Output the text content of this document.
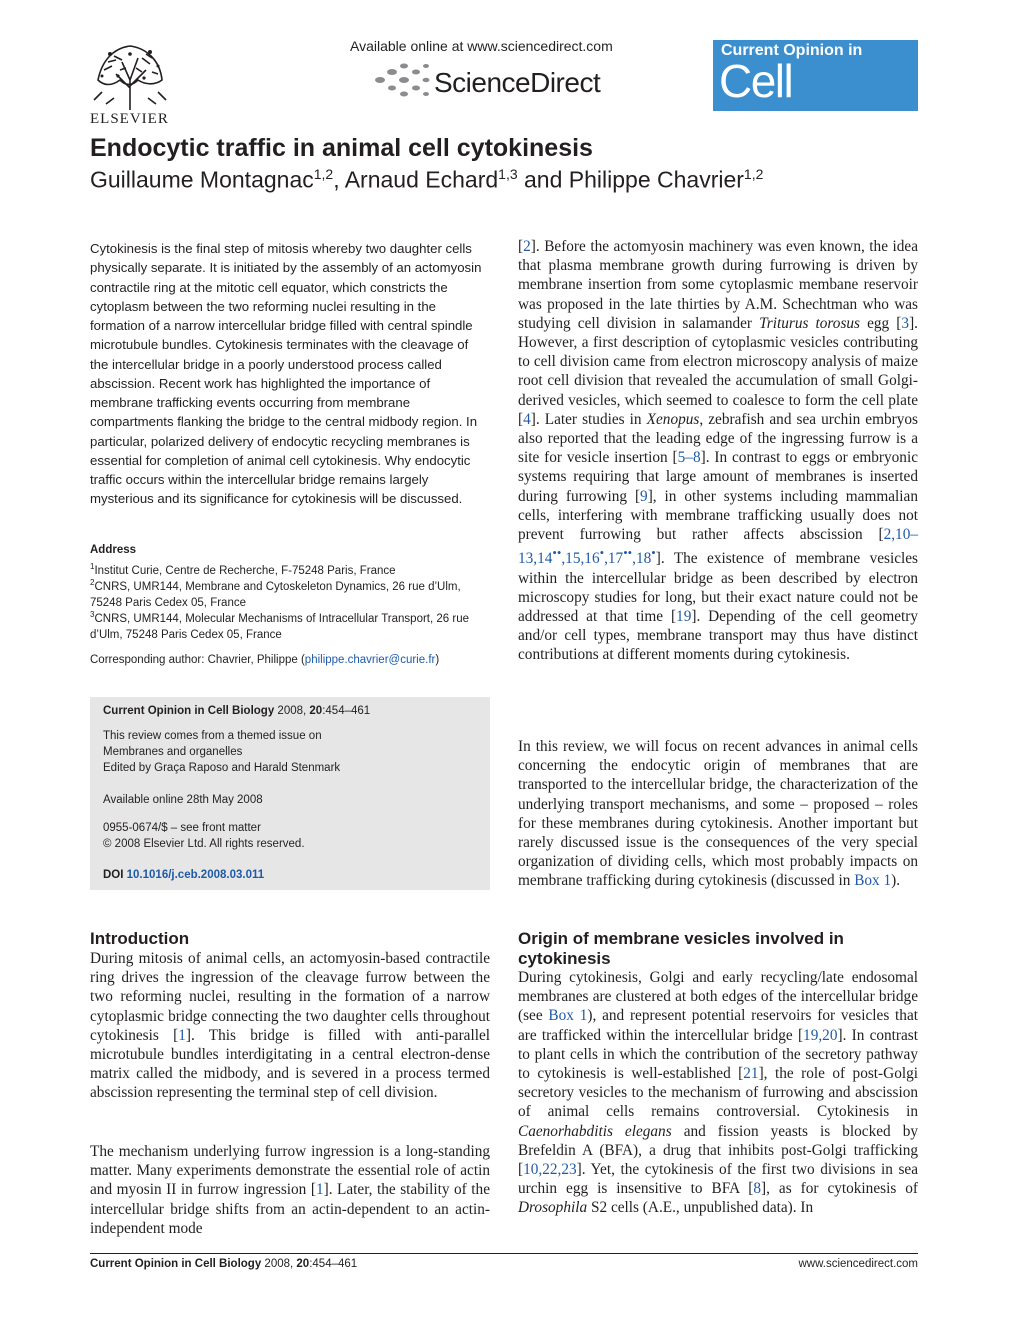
ELSEVIER
Available online at www.sciencedirect.com
ScienceDirect
Current Opinion in
Cell Biology
Endocytic traffic in animal cell cytokinesis
Guillaume Montagnac$^{1,2}$, Arnaud Echard$^{1,3}$ and Philippe Chavrier$^{1,2}$
Cytokinesis is the final step of mitosis whereby two daughter cells physically separate. It is initiated by the assembly of an actomyosin contractile ring at the mitotic cell equator, which constricts the cytoplasm between the two reforming nuclei resulting in the formation of a narrow intercellular bridge filled with central spindle microtubule bundles. Cytokinesis terminates with the cleavage of the intercellular bridge in a poorly understood process called abscission. Recent work has highlighted the importance of membrane trafficking events occurring from membrane compartments flanking the bridge to the central midbody region. In particular, polarized delivery of endocytic recycling membranes is essential for completion of animal cell cytokinesis. Why endocytic traffic occurs within the intercellular bridge remains largely mysterious and its significance for cytokinesis will be discussed.
Address
$^1$Institut Curie, Centre de Recherche, F-75248 Paris, France
$^2$CNRS, UMR144, Membrane and Cytoskeleton Dynamics, 26 rue d’Ulm, 75248 Paris Cedex 05, France
$^3$CNRS, UMR144, Molecular Mechanisms of Intracellular Transport, 26 rue d’Ulm, 75248 Paris Cedex 05, France
Corresponding author: Chavrier, Philippe (philippe.chavrier@curie.fr)
Current Opinion in Cell Biology 2008, 20:454–461
This review comes from a themed issue on
Membranes and organelles
Edited by Graça Raposo and Harald Stenmark
Available online 28th May 2008
0955-0674/$ – see front matter
© 2008 Elsevier Ltd. All rights reserved.
DOI 10.1016/j.ceb.2008.03.011
Introduction
During mitosis of animal cells, an actomyosin-based contractile ring drives the ingression of the cleavage furrow between the two reforming nuclei, resulting in the formation of a narrow cytoplasmic bridge connecting the two daughter cells throughout cytokinesis [1]. This bridge is filled with anti-parallel microtubule bundles interdigitating in a central electron-dense matrix called the midbody, and is severed in a process termed abscission representing the terminal step of cell division.
The mechanism underlying furrow ingression is a long-standing matter. Many experiments demonstrate the essential role of actin and myosin II in furrow ingression [1]. Later, the stability of the intercellular bridge shifts from an actin-dependent to an actin-independent mode
[2]. Before the actomyosin machinery was even known, the idea that plasma membrane growth during furrowing is driven by membrane insertion from some cytoplasmic membane reservoir was proposed in the late thirties by A.M. Schechtman who was studying cell division in salamander Triturus torosus egg [3]. However, a first description of cytoplasmic vesicles contributing to cell division came from electron microscopy analysis of maize root cell division that revealed the accumulation of small Golgi-derived vesicles, which seemed to coalesce to form the cell plate [4]. Later studies in Xenopus, zebrafish and sea urchin embryos also reported that the leading edge of the ingressing furrow is a site for vesicle insertion [5–8]. In contrast to eggs or embryonic systems requiring that large amount of membranes is inserted during furrowing [9], in other systems including mammalian cells, interfering with membrane trafficking usually does not prevent furrowing but rather affects abscission [2,10–13,14••,15,16•,17••,18•]. The existence of membrane vesicles within the intercellular bridge as been described by electron microscopy studies for long, but their exact nature could not be addressed at that time [19]. Depending of the cell geometry and/or cell types, membrane transport may thus have distinct contributions at different moments during cytokinesis.
In this review, we will focus on recent advances in animal cells concerning the endocytic origin of membranes that are transported to the intercellular bridge, the characterization of the underlying transport mechanisms, and some – proposed – roles for these membranes during cytokinesis. Another important but rarely discussed issue is the consequences of the very special organization of dividing cells, which most probably impacts on membrane trafficking during cytokinesis (discussed in Box 1).
Origin of membrane vesicles involved in
cytokinesis
During cytokinesis, Golgi and early recycling/late endosomal membranes are clustered at both edges of the intercellular bridge (see Box 1), and represent potential reservoirs for vesicles that are trafficked within the intercellular bridge [19,20]. In contrast to plant cells in which the contribution of the secretory pathway to cytokinesis is well-established [21], the role of post-Golgi secretory vesicles to the mechanism of furrowing and abscission of animal cells remains controversial. Cytokinesis in Caenorhabditis elegans and fission yeasts is blocked by Brefeldin A (BFA), a drug that inhibits post-Golgi trafficking [10,22,23]. Yet, the cytokinesis of the first two divisions in sea urchin egg is insensitive to BFA [8], as for cytokinesis of Drosophila S2 cells (A.E., unpublished data). In
Current Opinion in Cell Biology 2008, 20:454–461	www.sciencedirect.com
